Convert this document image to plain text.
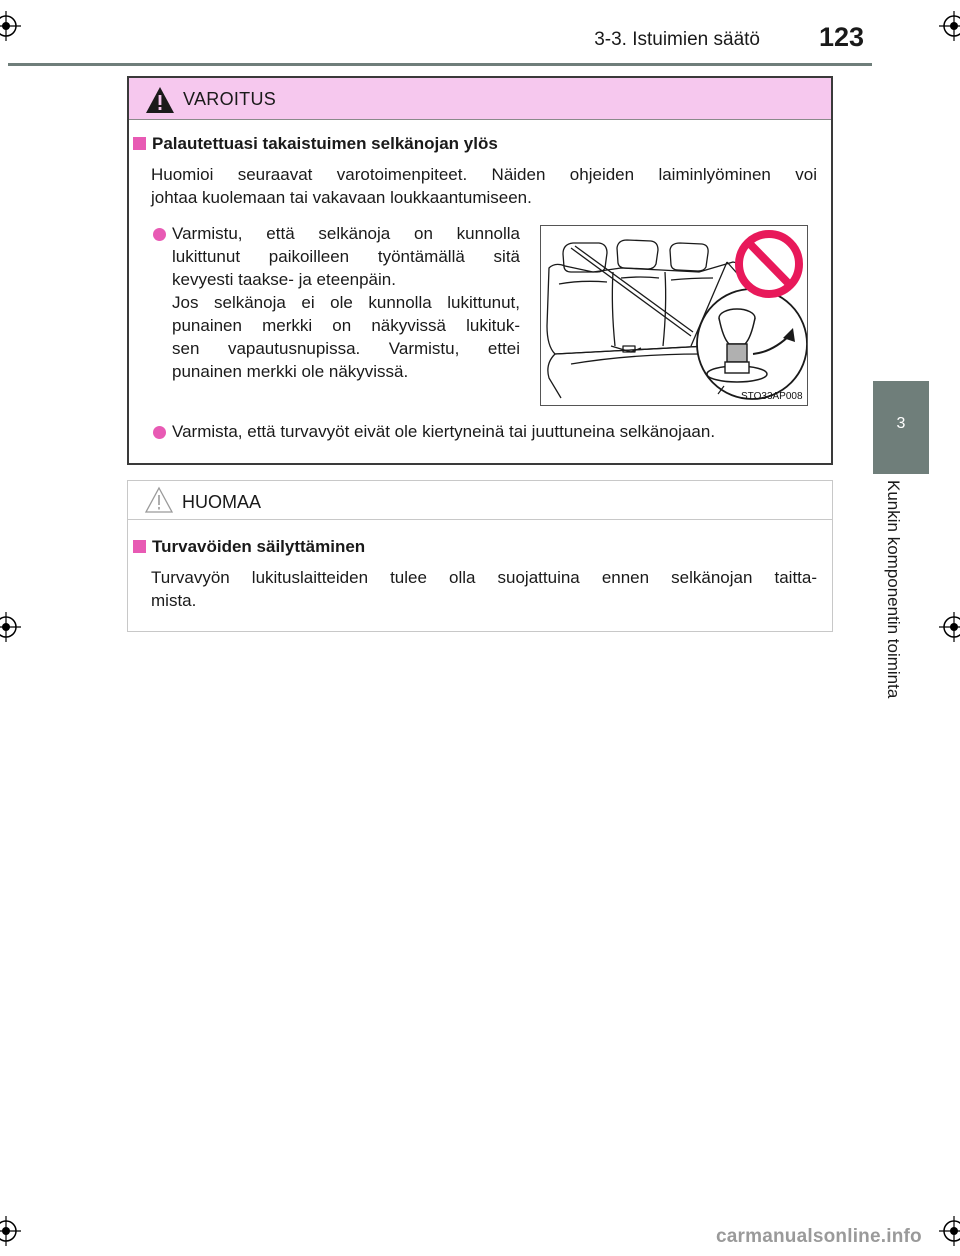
3-3. Istuimien säätö	123
3
Kunkin komponentin toiminta
VAROITUS
Palautettuasi takaistuimen selkänojan ylös
Huomioi seuraavat varotoimenpiteet. Näiden ohjeiden laiminlyöminen voi
johtaa kuolemaan tai vakavaan loukkaantumiseen.
Varmistu, että selkänoja on kunnolla
lukittunut paikoilleen työntämällä sitä
kevyesti taakse- ja eteenpäin.
Jos selkänoja ei ole kunnolla lukittunut,
punainen merkki on näkyvissä lukituk-
sen vapautusnupissa. Varmistu, ettei
punainen merkki ole näkyvissä.
STO33AP008
Varmista, että turvavyöt eivät ole kiertyneinä tai juuttuneina selkänojaan.
HUOMAA
Turvavöiden säilyttäminen
Turvavyön lukituslaitteiden tulee olla suojattuina ennen selkänojan taitta-
mista.
carmanualsonline.info
